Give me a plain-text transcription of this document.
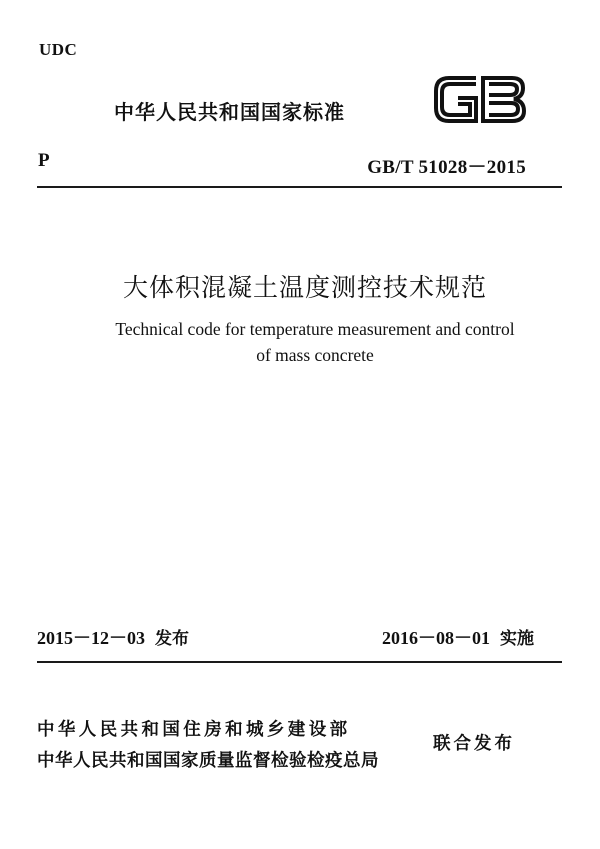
UDC
中华人民共和国国家标准	GB
P	GB/T 51028－2015
大体积混凝土温度测控技术规范
Technical code for temperature measurement and control
of mass concrete
2015－12－03 发布	2016－08－01 实施
中华人民共和国住房和城乡建设部
中华人民共和国国家质量监督检验检疫总局
联合发布
